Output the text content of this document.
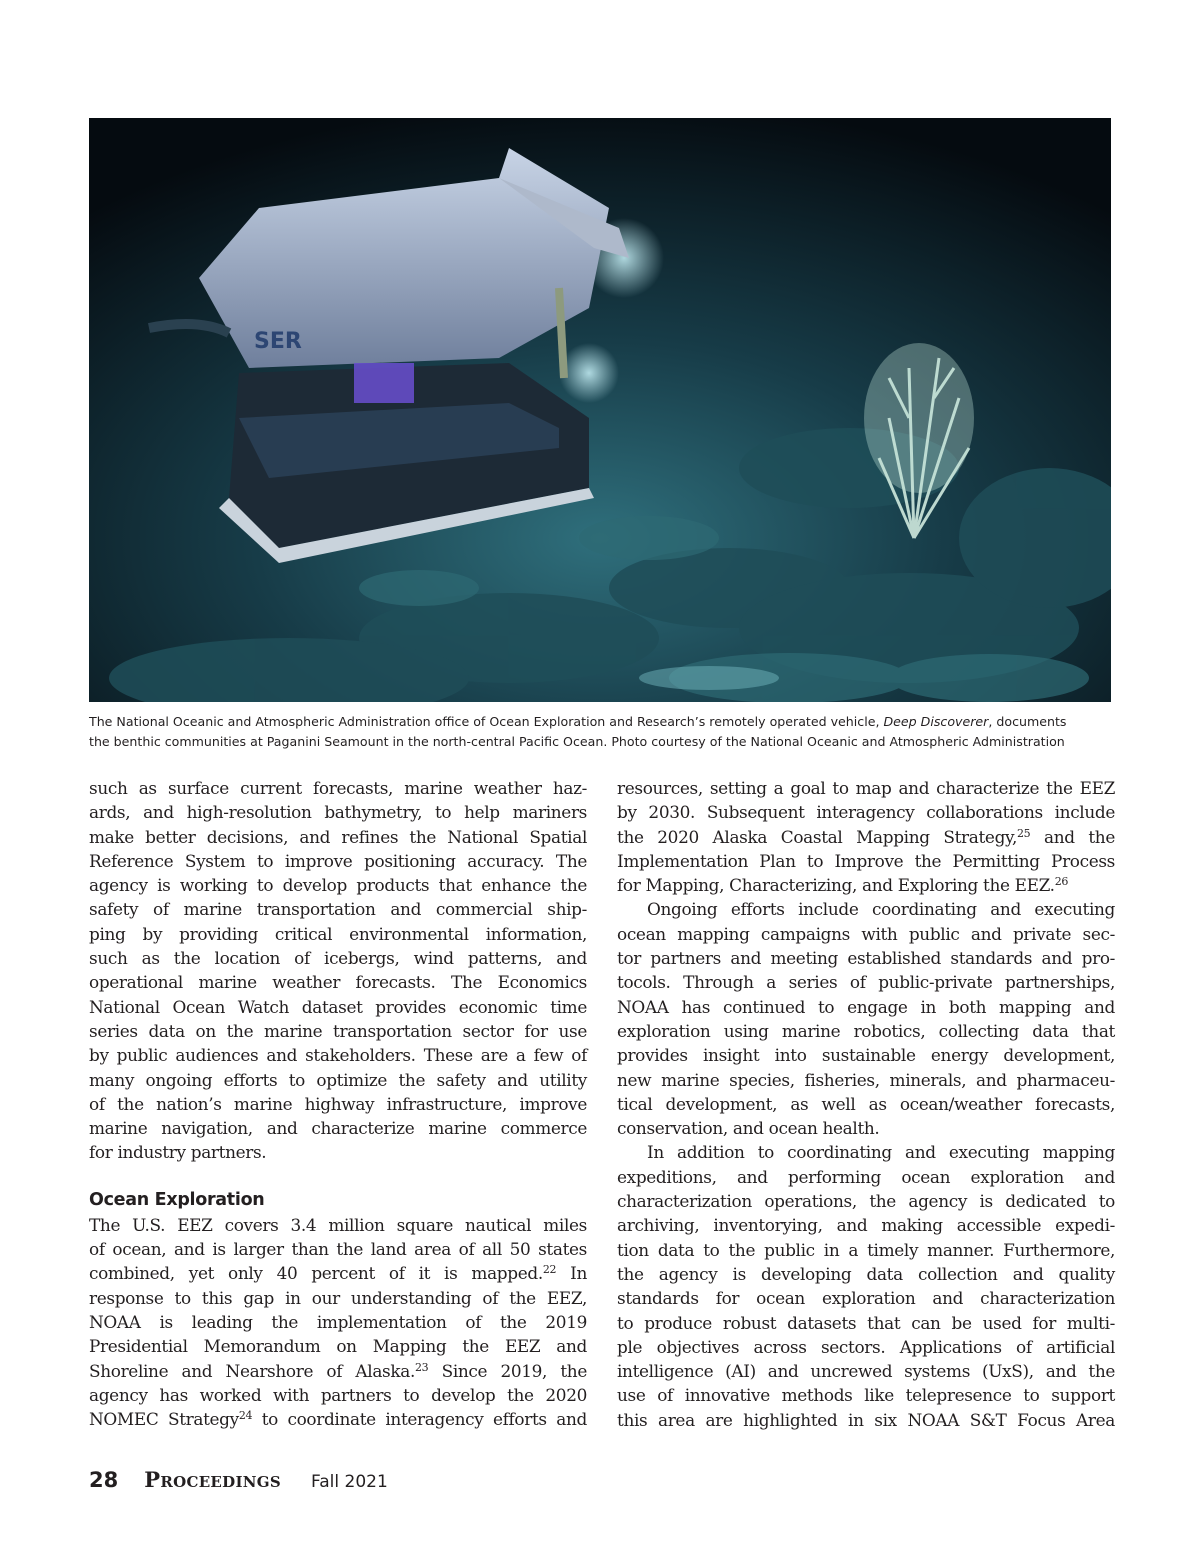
SER

The National Oceanic and Atmospheric Administration office of Ocean Exploration and Research’s remotely operated vehicle, Deep Discoverer, documents

the benthic communities at Paganini Seamount in the north-central Pacific Ocean. Photo courtesy of the National Oceanic and Atmospheric Administration

such as surface current forecasts, marine weather haz-
ards, and high-resolution bathymetry, to help mariners
make better decisions, and refines the National Spatial
Reference System to improve positioning accuracy. The
agency is working to develop products that enhance the
safety of marine transportation and commercial ship-
ping by providing critical environmental information,
such as the location of icebergs, wind patterns, and
operational marine weather forecasts. The Economics
National Ocean Watch dataset provides economic time
series data on the marine transportation sector for use
by public audiences and stakeholders. These are a few of
many ongoing efforts to optimize the safety and utility
of the nation’s marine highway infrastructure, improve
marine navigation, and characterize marine commerce
for industry partners.
Ocean Exploration
The U.S. EEZ covers 3.4 million square nautical miles
of ocean, and is larger than the land area of all 50 states
combined, yet only 40 percent of it is mapped.$^{22}$ In
response to this gap in our understanding of the EEZ,
NOAA is leading the implementation of the 2019
Presidential Memorandum on Mapping the EEZ and
Shoreline and Nearshore of Alaska.$^{23}$ Since 2019, the
agency has worked with partners to develop the 2020
NOMEC Strategy$^{24}$ to coordinate interagency efforts and
resources, setting a goal to map and characterize the EEZ
by 2030. Subsequent interagency collaborations include
the 2020 Alaska Coastal Mapping Strategy,$^{25}$ and the
Implementation Plan to Improve the Permitting Process
for Mapping, Characterizing, and Exploring the EEZ.$^{26}$
Ongoing efforts include coordinating and executing
ocean mapping campaigns with public and private sec-
tor partners and meeting established standards and pro-
tocols. Through a series of public-private partnerships,
NOAA has continued to engage in both mapping and
exploration using marine robotics, collecting data that
provides insight into sustainable energy development,
new marine species, fisheries, minerals, and pharmaceu-
tical development, as well as ocean/weather forecasts,
conservation, and ocean health.
In addition to coordinating and executing mapping
expeditions, and performing ocean exploration and
characterization operations, the agency is dedicated to
archiving, inventorying, and making accessible expedi-
tion data to the public in a timely manner. Furthermore,
the agency is developing data collection and quality
standards for ocean exploration and characterization
to produce robust datasets that can be used for multi-
ple objectives across sectors. Applications of artificial
intelligence (AI) and uncrewed systems (UxS), and the
use of innovative methods like telepresence to support
this area are highlighted in six NOAA S&T Focus Area
28 Proceedings Fall 2021
